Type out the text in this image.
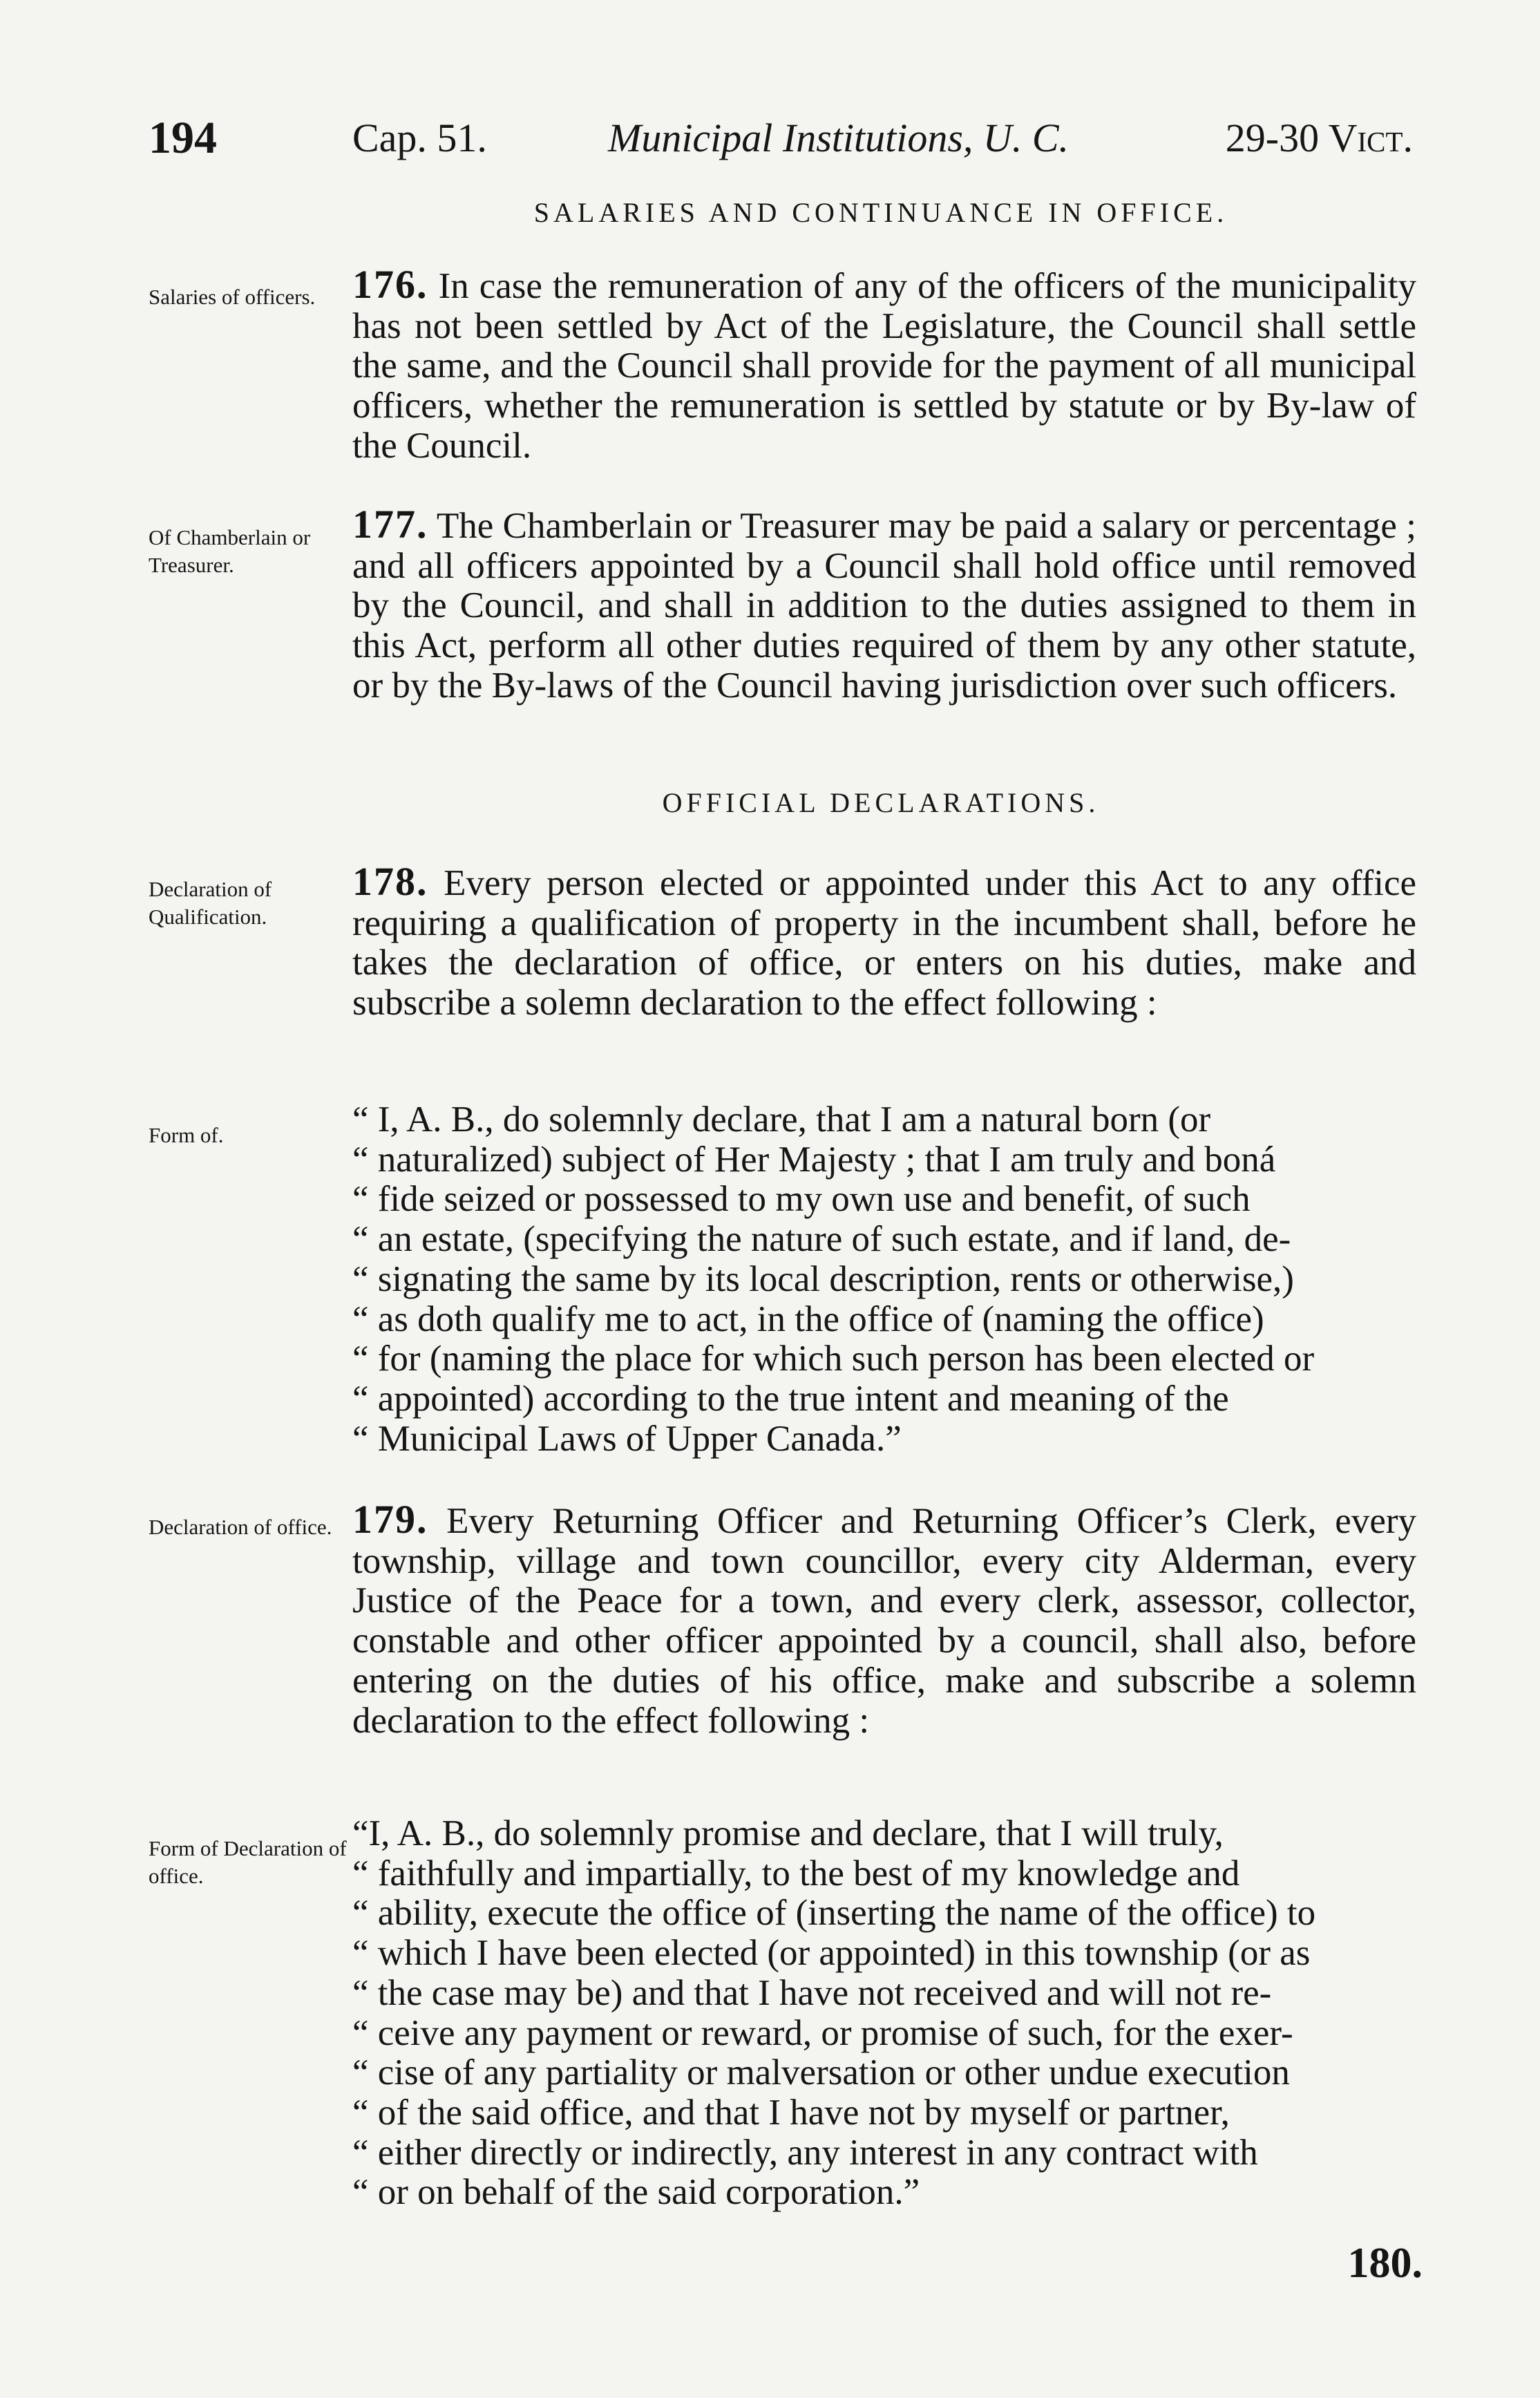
194	Cap. 51.	Municipal Institutions, U. C.	29-30 Vict.
SALARIES AND CONTINUANCE IN OFFICE.
Salaries of officers. 176. In case the remuneration of any of the officers of the municipality has not been settled by Act of the Legislature, the Council shall settle the same, and the Council shall provide for the payment of all municipal officers, whether the remuneration is settled by statute or by By-law of the Council.
Of Chamberlain or Treasurer.
177. The Chamberlain or Treasurer may be paid a salary or percentage ; and all officers appointed by a Council shall hold office until removed by the Council, and shall in addition to the duties assigned to them in this Act, perform all other duties required of them by any other statute, or by the By-laws of the Council having jurisdiction over such officers.
OFFICIAL DECLARATIONS.
Declaration of Qualification.
178. Every person elected or appointed under this Act to any office requiring a qualification of property in the incumbent shall, before he takes the declaration of office, or enters on his duties, make and subscribe a solemn declaration to the effect following :
Form of.	“ I, A. B., do solemnly declare, that I am a natural born (or
“ naturalized) subject of Her Majesty ; that I am truly and boná
“ fide seized or possessed to my own use and benefit, of such
“ an estate, (specifying the nature of such estate, and if land, de-
“ signating the same by its local description, rents or otherwise,)
“ as doth qualify me to act, in the office of (naming the office)
“ for (naming the place for which such person has been elected or
“ appointed) according to the true intent and meaning of the
“ Municipal Laws of Upper Canada.”
Declaration of office. 179. Every Returning Officer and Returning Officer’s Clerk, every township, village and town councillor, every city Alderman, every Justice of the Peace for a town, and every clerk, assessor, collector, constable and other officer appointed by a council, shall also, before entering on the duties of his office, make and subscribe a solemn declaration to the effect following :
Form of Declaration of office.
“I, A. B., do solemnly promise and declare, that I will truly,
“ faithfully and impartially, to the best of my knowledge and
“ ability, execute the office of (inserting the name of the office) to
“ which I have been elected (or appointed) in this township (or as
“ the case may be) and that I have not received and will not re-
“ ceive any payment or reward, or promise of such, for the exer-
“ cise of any partiality or malversation or other undue execution
“ of the said office, and that I have not by myself or partner,
“ either directly or indirectly, any interest in any contract with
“ or on behalf of the said corporation.”
180.
